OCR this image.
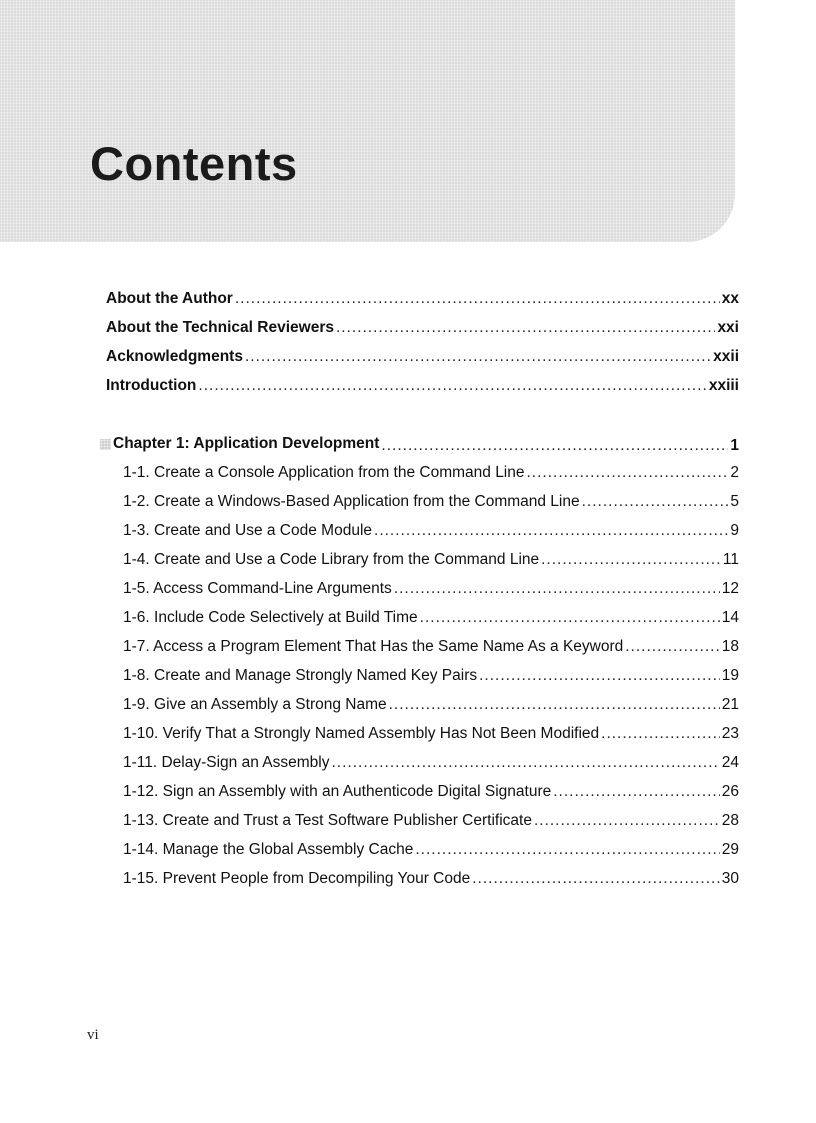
Contents
About the Author .....	xx
About the Technical Reviewers .....	xxi
Acknowledgments .....	xxii
Introduction .....	xxiii
Chapter 1: Application Development .....	1
1-1. Create a Console Application from the Command Line .....	2
1-2. Create a Windows-Based Application from the Command Line .....	5
1-3. Create and Use a Code Module .....	9
1-4. Create and Use a Code Library from the Command Line .....	11
1-5. Access Command-Line Arguments .....	12
1-6. Include Code Selectively at Build Time .....	14
1-7. Access a Program Element That Has the Same Name As a Keyword .....	18
1-8. Create and Manage Strongly Named Key Pairs .....	19
1-9. Give an Assembly a Strong Name .....	21
1-10. Verify That a Strongly Named Assembly Has Not Been Modified .....	23
1-11. Delay-Sign an Assembly .....	24
1-12. Sign an Assembly with an Authenticode Digital Signature .....	26
1-13. Create and Trust a Test Software Publisher Certificate .....	28
1-14. Manage the Global Assembly Cache .....	29
1-15. Prevent People from Decompiling Your Code .....	30

vi
